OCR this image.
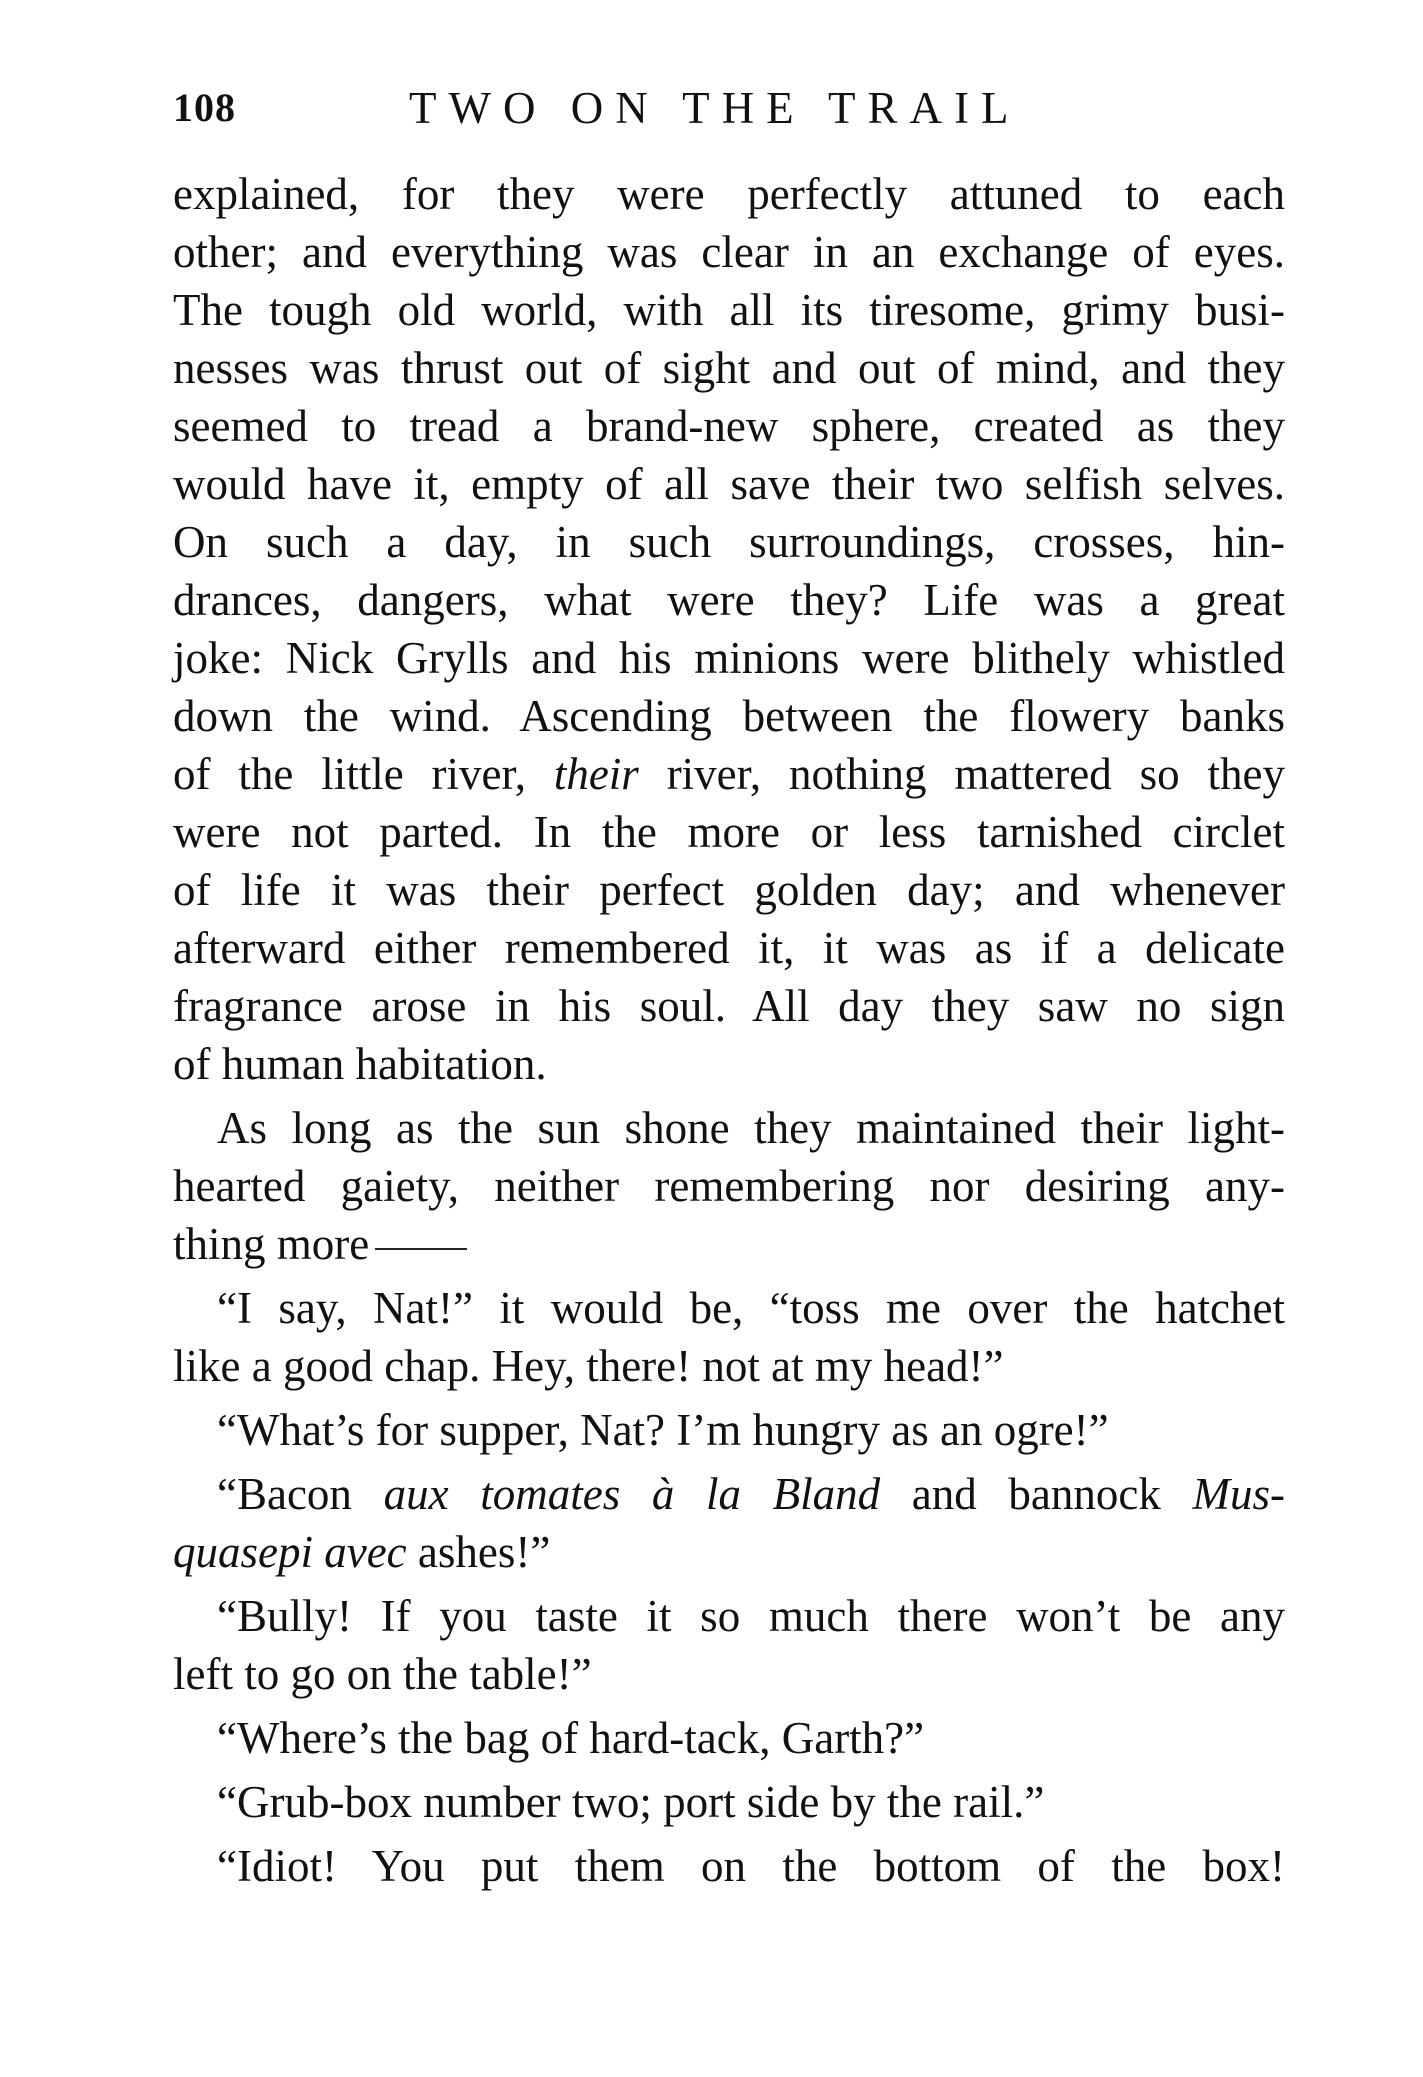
108	TWO ON THE TRAIL
explained, for they were perfectly attuned to each
other; and everything was clear in an exchange of eyes.
The tough old world, with all its tiresome, grimy busi-
nesses was thrust out of sight and out of mind, and they
seemed to tread a brand-new sphere, created as they
would have it, empty of all save their two selfish selves.
On such a day, in such surroundings, crosses, hin-
drances, dangers, what were they? Life was a great
joke: Nick Grylls and his minions were blithely whistled
down the wind. Ascending between the flowery banks
of the little river, their river, nothing mattered so they
were not parted. In the more or less tarnished circlet
of life it was their perfect golden day; and whenever
afterward either remembered it, it was as if a delicate
fragrance arose in his soul. All day they saw no sign
of human habitation.
As long as the sun shone they maintained their light-
hearted gaiety, neither remembering nor desiring any-
thing more
“I say, Nat!” it would be, “toss me over the hatchet
like a good chap. Hey, there! not at my head!”
“What’s for supper, Nat? I’m hungry as an ogre!”
“Bacon aux tomates à la Bland and bannock Mus-
quasepi avec ashes!”
“Bully! If you taste it so much there won’t be any
left to go on the table!”
“Where’s the bag of hard-tack, Garth?”
“Grub-box number two; port side by the rail.”
“Idiot! You put them on the bottom of the box!
